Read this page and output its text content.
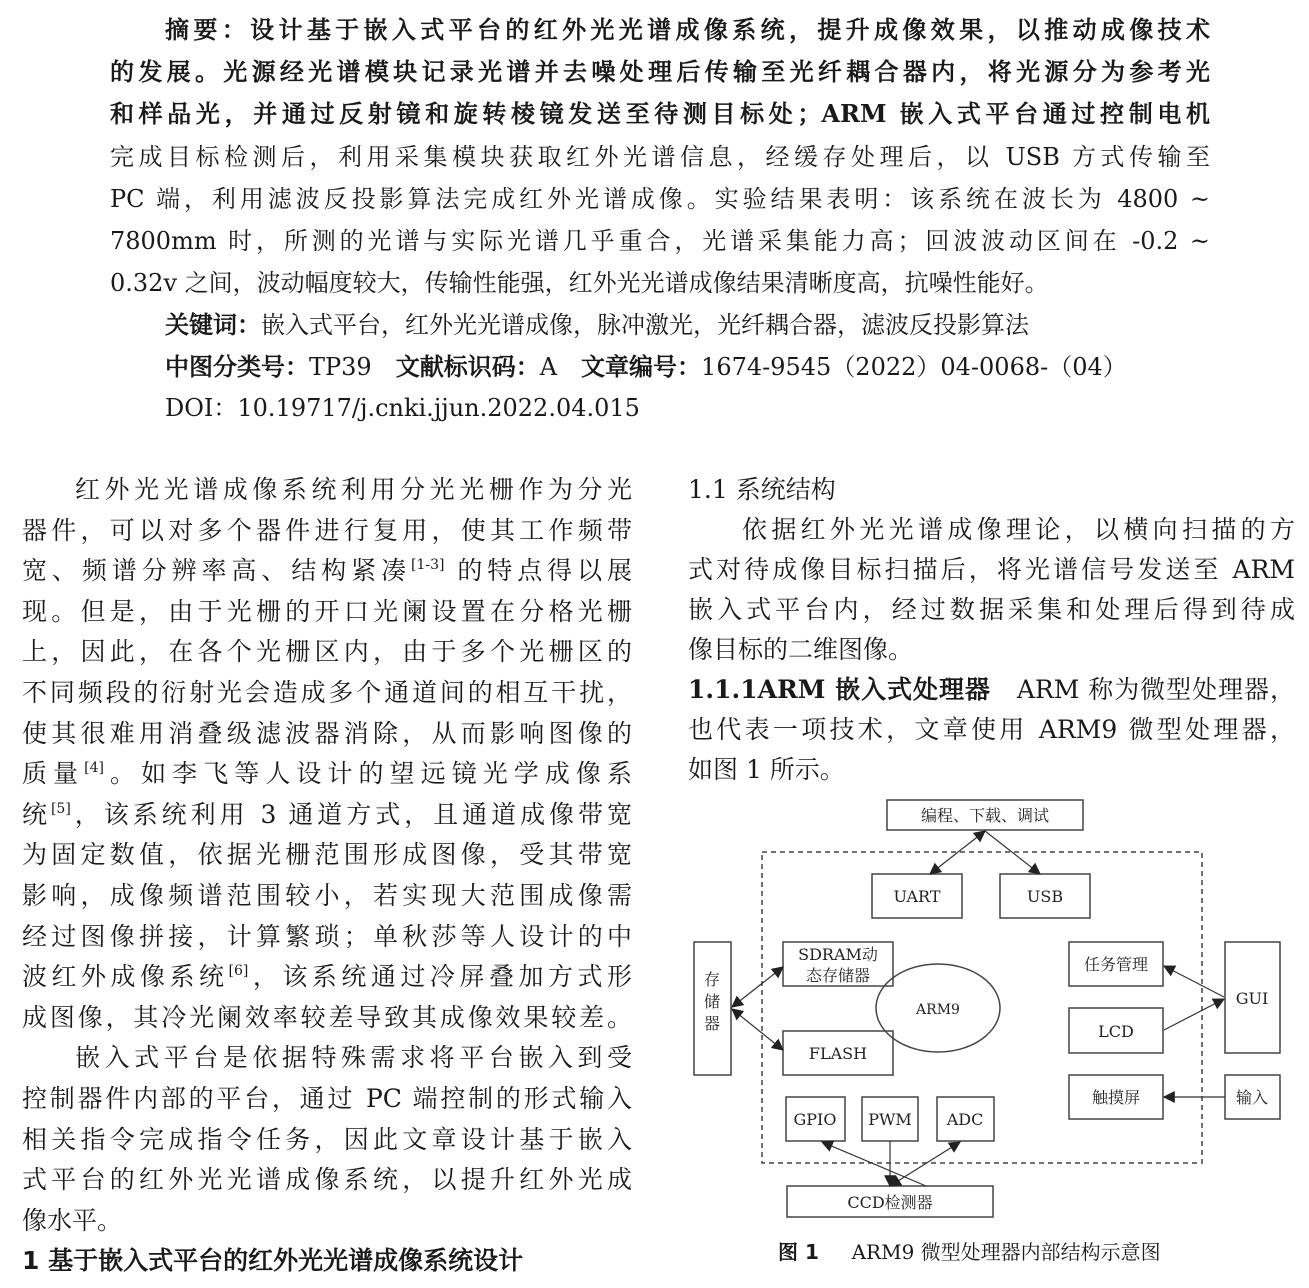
摘要：设计基于嵌入式平台的红外光光谱成像系统，提升成像效果，以推动成像技术
的发展。光源经光谱模块记录光谱并去噪处理后传输至光纤耦合器内，将光源分为参考光
和样品光，并通过反射镜和旋转棱镜发送至待测目标处；ARM 嵌入式平台通过控制电机
完成目标检测后，利用采集模块获取红外光谱信息，经缓存处理后，以 USB 方式传输至
PC 端，利用滤波反投影算法完成红外光谱成像。实验结果表明：该系统在波长为 4800 ~
7800mm 时，所测的光谱与实际光谱几乎重合，光谱采集能力高；回波波动区间在 -0.2 ~
0.32v 之间，波动幅度较大，传输性能强，红外光光谱成像结果清晰度高，抗噪性能好。
关键词：嵌入式平台，红外光光谱成像，脉冲激光，光纤耦合器，滤波反投影算法
中图分类号：TP39　文献标识码：A　文章编号：1674-9545（2022）04-0068-（04）
DOI：10.19717/j.cnki.jjun.2022.04.015
红外光光谱成像系统利用分光光栅作为分光
器件，可以对多个器件进行复用，使其工作频带
宽、频谱分辨率高、结构紧凑[1-3] 的特点得以展
现。但是，由于光栅的开口光阑设置在分格光栅
上，因此，在各个光栅区内，由于多个光栅区的
不同频段的衍射光会造成多个通道间的相互干扰，
使其很难用消叠级滤波器消除，从而影响图像的
质量[4]。如李飞等人设计的望远镜光学成像系
统[5]，该系统利用 3 通道方式，且通道成像带宽
为固定数值，依据光栅范围形成图像，受其带宽
影响，成像频谱范围较小，若实现大范围成像需
经过图像拼接，计算繁琐；单秋莎等人设计的中
波红外成像系统[6]，该系统通过冷屏叠加方式形
成图像，其冷光阑效率较差导致其成像效果较差。
嵌入式平台是依据特殊需求将平台嵌入到受
控制器件内部的平台，通过 PC 端控制的形式输入
相关指令完成指令任务，因此文章设计基于嵌入
式平台的红外光光谱成像系统，以提升红外光成
像水平。
1 基于嵌入式平台的红外光光谱成像系统设计
1.1 系统结构
依据红外光光谱成像理论，以横向扫描的方
式对待成像目标扫描后，将光谱信号发送至 ARM
嵌入式平台内，经过数据采集和处理后得到待成
像目标的二维图像。
1.1.1ARM 嵌入式处理器　ARM 称为微型处理器，
也代表一项技术，文章使用 ARM9 微型处理器，
如图 1 所示。
编程、下载、调试
UART	USB
SDRAM动
态存储器
FLASH
ARM9
任务管理
LCD
GUI
触摸屏	输入
GPIO PWM ADC
CCD检测器
存储器
图 1 　 ARM9 微型处理器内部结构示意图
